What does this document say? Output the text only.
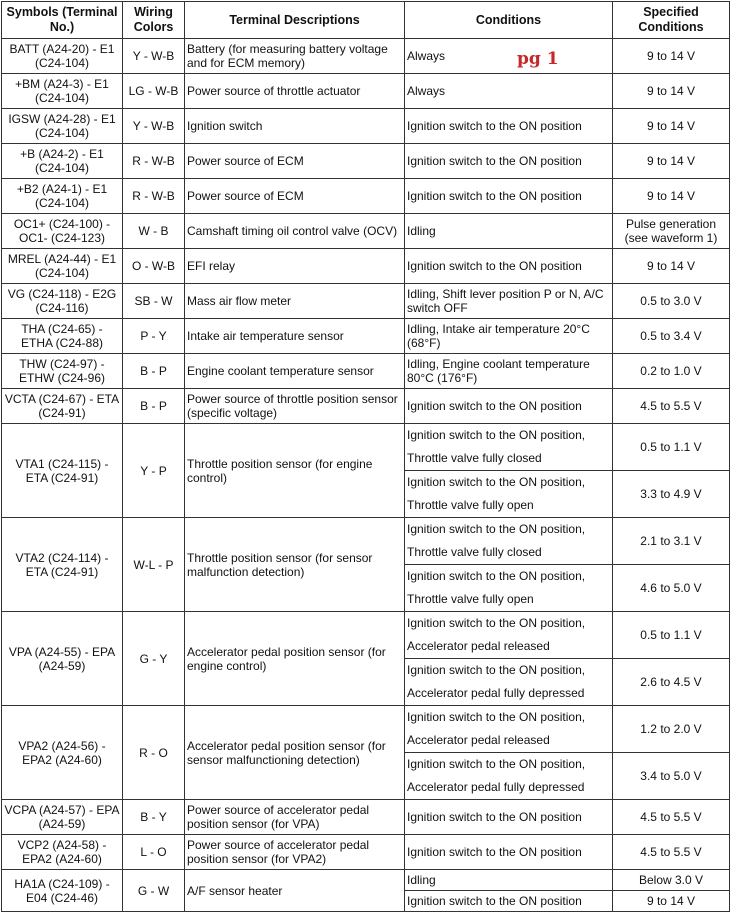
Symbols (Terminal No.)	Wiring Colors	Terminal Descriptions	Conditions	Specified Conditions
BATT (A24-20) - E1 (C24-104)	Y - W-B	Battery (for measuring battery voltage and for ECM memory)	Always	9 to 14 V
+BM (A24-3) - E1 (C24-104)	LG - W-B	Power source of throttle actuator	Always	9 to 14 V
IGSW (A24-28) - E1 (C24-104)	Y - W-B	Ignition switch	Ignition switch to the ON position	9 to 14 V
+B (A24-2) - E1 (C24-104)	R - W-B	Power source of ECM	Ignition switch to the ON position	9 to 14 V
+B2 (A24-1) - E1 (C24-104)	R - W-B	Power source of ECM	Ignition switch to the ON position	9 to 14 V
OC1+ (C24-100) - OC1- (C24-123)	W - B	Camshaft timing oil control valve (OCV)	Idling	Pulse generation (see waveform 1)
MREL (A24-44) - E1 (C24-104)	O - W-B	EFI relay	Ignition switch to the ON position	9 to 14 V
VG (C24-118) - E2G (C24-116)	SB - W	Mass air flow meter	Idling, Shift lever position P or N, A/C switch OFF	0.5 to 3.0 V
THA (C24-65) - ETHA (C24-88)	P - Y	Intake air temperature sensor	Idling, Intake air temperature 20°C (68°F)	0.5 to 3.4 V
THW (C24-97) - ETHW (C24-96)	B - P	Engine coolant temperature sensor	Idling, Engine coolant temperature 80°C (176°F)	0.2 to 1.0 V
VCTA (C24-67) - ETA (C24-91)	B - P	Power source of throttle position sensor (specific voltage)	Ignition switch to the ON position	4.5 to 5.5 V
VTA1 (C24-115) - ETA (C24-91)	Y - P	Throttle position sensor (for engine control)	Ignition switch to the ON position,	0.5 to 1.1 V
			Throttle valve fully closed	
			Ignition switch to the ON position,	3.3 to 4.9 V
			Throttle valve fully open	
VTA2 (C24-114) - ETA (C24-91)	W-L - P	Throttle position sensor (for sensor malfunction detection)	Ignition switch to the ON position,	2.1 to 3.1 V
			Throttle valve fully closed	
			Ignition switch to the ON position,	4.6 to 5.0 V
			Throttle valve fully open	
VPA (A24-55) - EPA (A24-59)	G - Y	Accelerator pedal position sensor (for engine control)	Ignition switch to the ON position,	0.5 to 1.1 V
			Accelerator pedal released	
			Ignition switch to the ON position,	2.6 to 4.5 V
			Accelerator pedal fully depressed	
VPA2 (A24-56) - EPA2 (A24-60)	R - O	Accelerator pedal position sensor (for sensor malfunctioning detection)	Ignition switch to the ON position,	1.2 to 2.0 V
			Accelerator pedal released	
			Ignition switch to the ON position,	3.4 to 5.0 V
			Accelerator pedal fully depressed	
VCPA (A24-57) - EPA (A24-59)	B - Y	Power source of accelerator pedal position sensor (for VPA)	Ignition switch to the ON position	4.5 to 5.5 V
VCP2 (A24-58) - EPA2 (A24-60)	L - O	Power source of accelerator pedal position sensor (for VPA2)	Ignition switch to the ON position	4.5 to 5.5 V
HA1A (C24-109) - E04 (C24-46)	G - W	A/F sensor heater	Idling	Below 3.0 V
			Ignition switch to the ON position	9 to 14 V
pg 1
